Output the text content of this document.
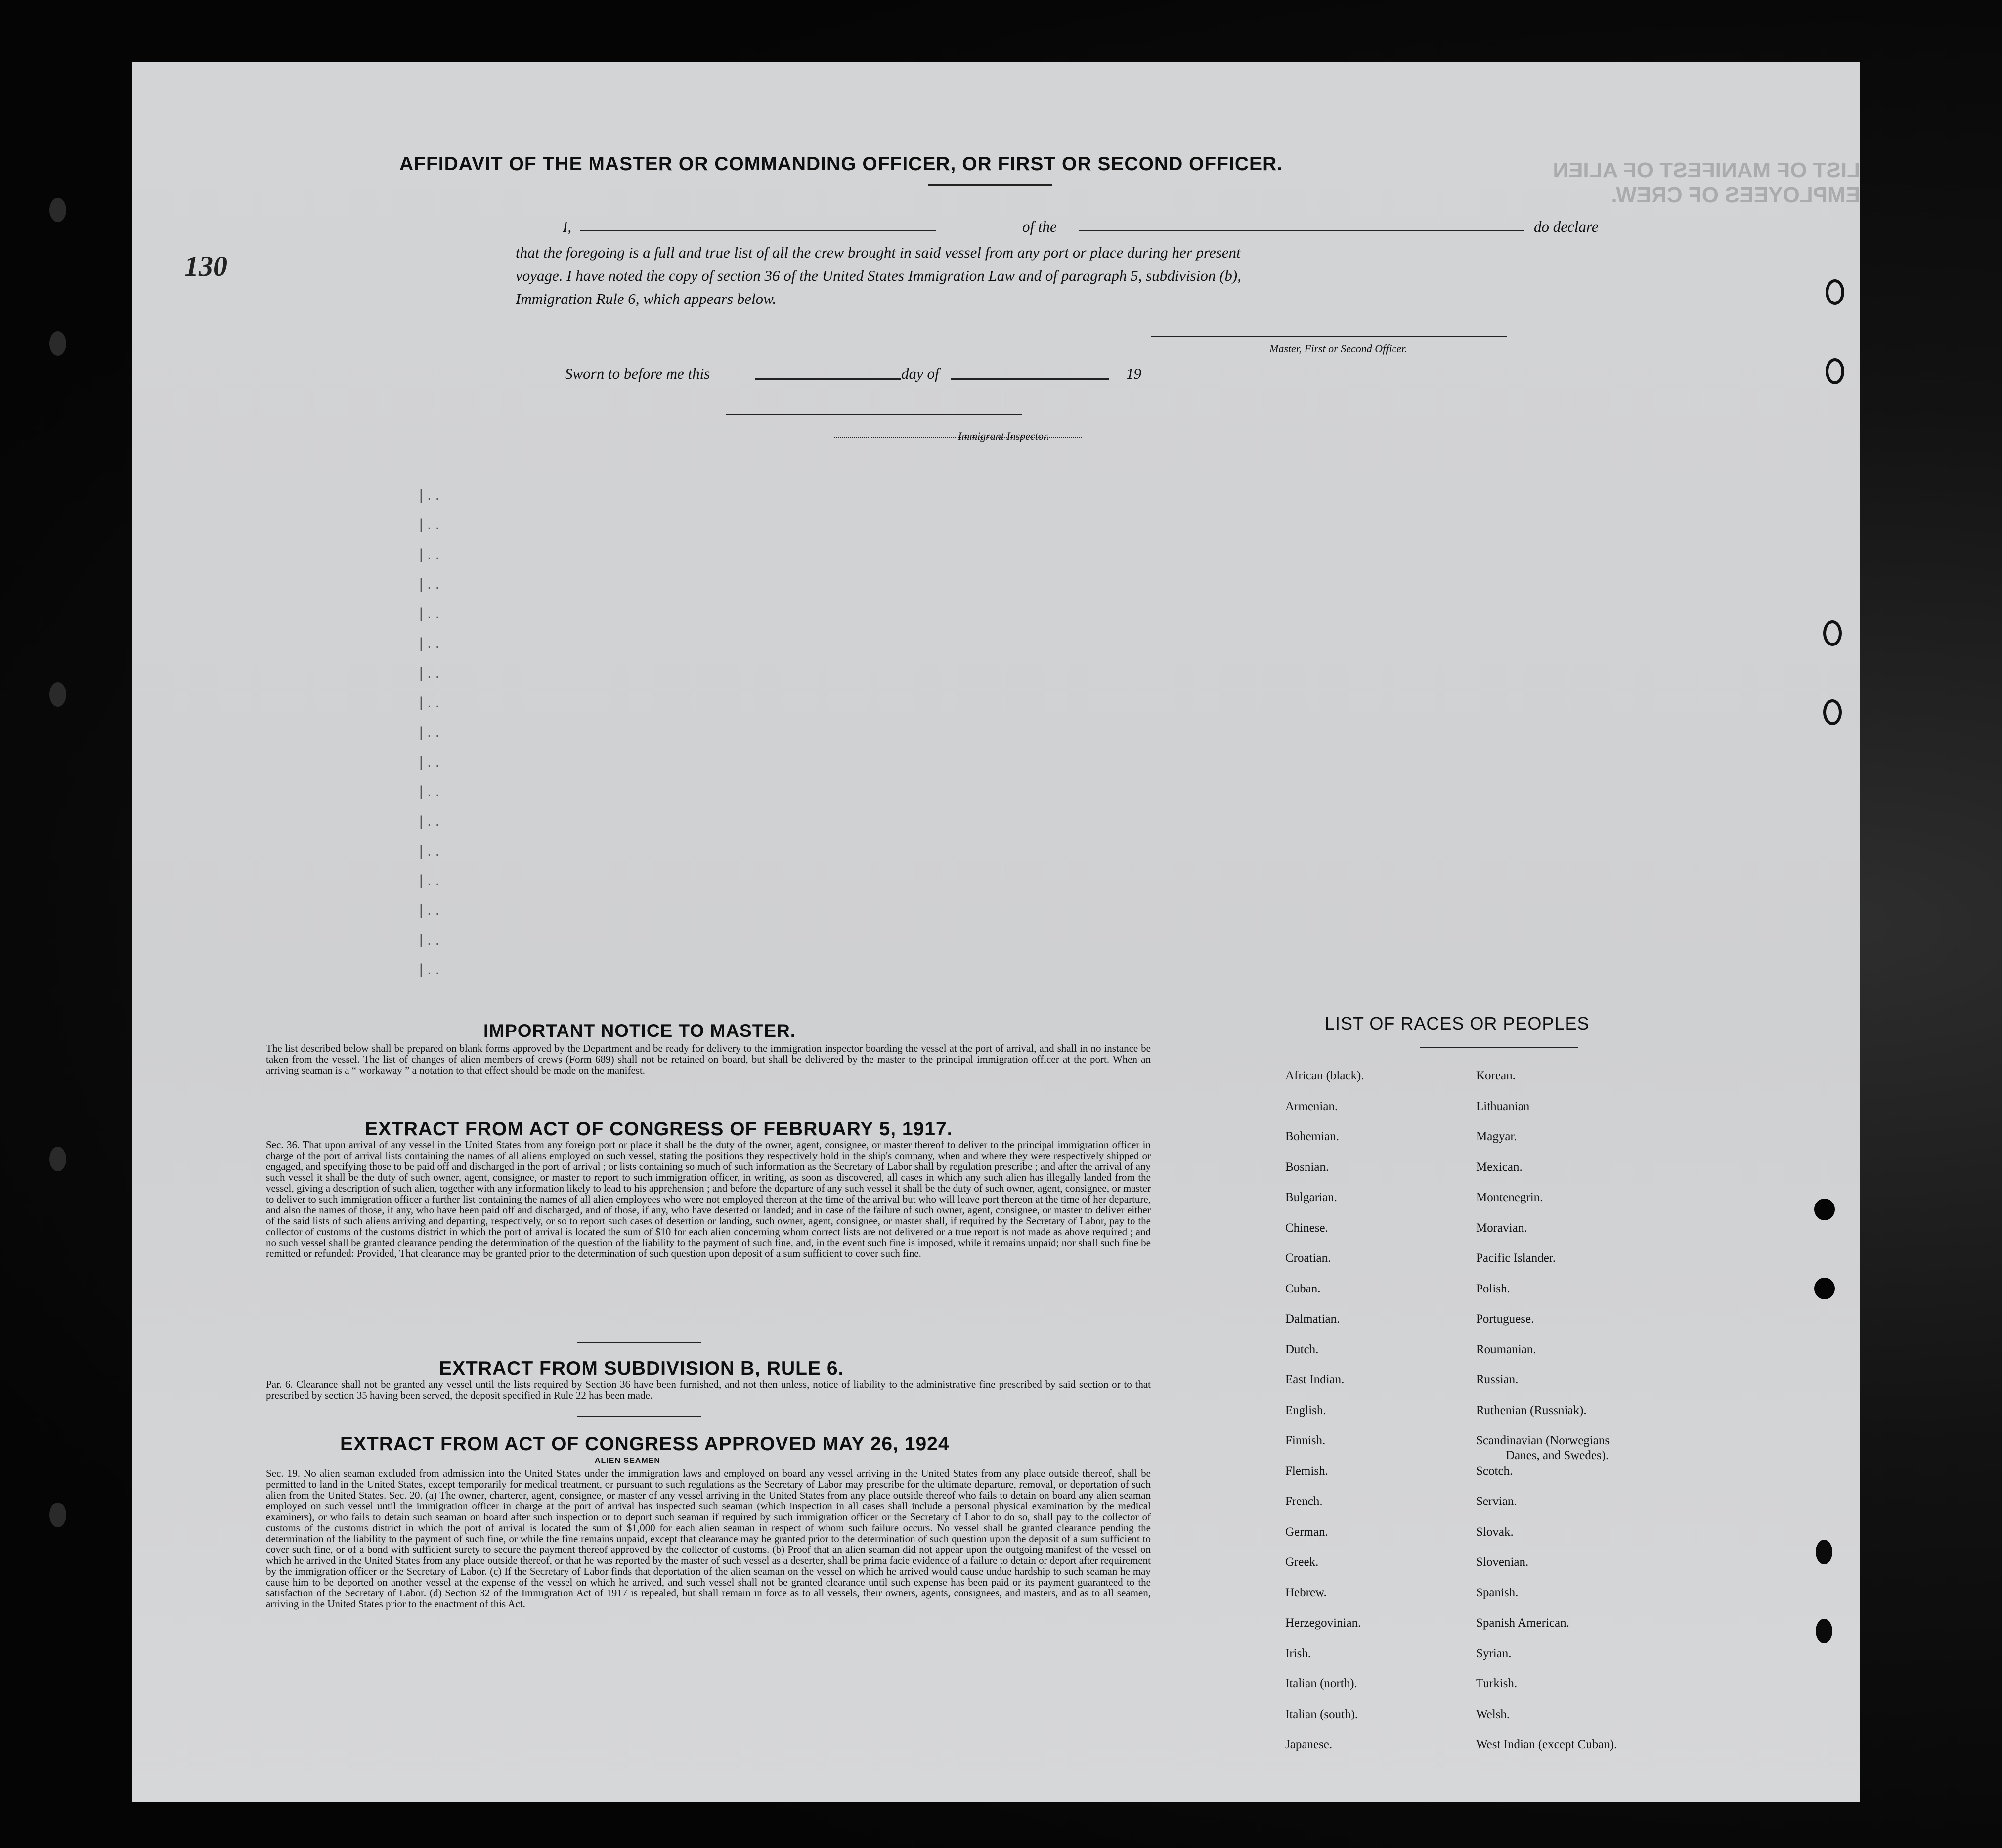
LIST OF MANIFEST OF ALIEN EMPLOYEES OF CREW.
130
AFFIDAVIT OF THE MASTER OR COMMANDING OFFICER, OR FIRST OR SECOND OFFICER.
I,	of the	do declare
that the foregoing is a full and true list of all the crew brought in said vessel from any port or place during her present
voyage. I have noted the copy of section 36 of the United States Immigration Law and of paragraph 5, subdivision (b),
Immigration Rule 6, which appears below.
Master, First or Second Officer.
Sworn to before me this	day of	19
Immigrant Inspector.
| . .
| . .
| . .
| . .
| . .
| . .
| . .
| . .
| . .
| . .
| . .
| . .
| . .
| . .
| . .
| . .
| . .
IMPORTANT NOTICE TO MASTER.

The list described below shall be prepared on blank forms approved by the Department and be ready for delivery to the immigration inspector boarding the vessel at the port of arrival, and shall in no instance be taken from the vessel. The list of changes of alien members of crews (Form 689) shall not be retained on board, but shall be delivered by the master to the principal immigration officer at the port. When an arriving seaman is a “ workaway ” a notation to that effect should be made on the manifest.

EXTRACT FROM ACT OF CONGRESS OF FEBRUARY 5, 1917.

Sec. 36. That upon arrival of any vessel in the United States from any foreign port or place it shall be the duty of the owner, agent, consignee, or master thereof to deliver to the principal immigration officer in charge of the port of arrival lists containing the names of all aliens employed on such vessel, stating the positions they respectively hold in the ship's company, when and where they were respectively shipped or engaged, and specifying those to be paid off and discharged in the port of arrival ; or lists containing so much of such information as the Secretary of Labor shall by regulation prescribe ; and after the arrival of any such vessel it shall be the duty of such owner, agent, consignee, or master to report to such immigration officer, in writing, as soon as discovered, all cases in which any such alien has illegally landed from the vessel, giving a description of such alien, together with any information likely to lead to his apprehension ; and before the departure of any such vessel it shall be the duty of such owner, agent, consignee, or master to deliver to such immigration officer a further list containing the names of all alien employees who were not employed thereon at the time of the arrival but who will leave port thereon at the time of her departure, and also the names of those, if any, who have been paid off and discharged, and of those, if any, who have deserted or landed; and in case of the failure of such owner, agent, consignee, or master to deliver either of the said lists of such aliens arriving and departing, respectively, or so to report such cases of desertion or landing, such owner, agent, consignee, or master shall, if required by the Secretary of Labor, pay to the collector of customs of the customs district in which the port of arrival is located the sum of $10 for each alien concerning whom correct lists are not delivered or a true report is not made as above required ; and no such vessel shall be granted clearance pending the determination of the question of the liability to the payment of such fine, and, in the event such fine is imposed, while it remains unpaid; nor shall such fine be remitted or refunded: Provided, That clearance may be granted prior to the determination of such question upon deposit of a sum sufficient to cover such fine.

EXTRACT FROM SUBDIVISION B, RULE 6.

Par. 6. Clearance shall not be granted any vessel until the lists required by Section 36 have been furnished, and not then unless, notice of liability to the administrative fine prescribed by said section or to that prescribed by section 35 having been served, the deposit specified in Rule 22 has been made.

EXTRACT FROM ACT OF CONGRESS APPROVED MAY 26, 1924
ALIEN SEAMEN

Sec. 19. No alien seaman excluded from admission into the United States under the immigration laws and employed on board any vessel arriving in the United States from any place outside thereof, shall be permitted to land in the United States, except temporarily for medical treatment, or pursuant to such regulations as the Secretary of Labor may prescribe for the ultimate departure, removal, or deportation of such alien from the United States. Sec. 20. (a) The owner, charterer, agent, consignee, or master of any vessel arriving in the United States from any place outside thereof who fails to detain on board any alien seaman employed on such vessel until the immigration officer in charge at the port of arrival has inspected such seaman (which inspection in all cases shall include a personal physical examination by the medical examiners), or who fails to detain such seaman on board after such inspection or to deport such seaman if required by such immigration officer or the Secretary of Labor to do so, shall pay to the collector of customs of the customs district in which the port of arrival is located the sum of $1,000 for each alien seaman in respect of whom such failure occurs. No vessel shall be granted clearance pending the determination of the liability to the payment of such fine, or while the fine remains unpaid, except that clearance may be granted prior to the determination of such question upon the deposit of a sum sufficient to cover such fine, or of a bond with sufficient surety to secure the payment thereof approved by the collector of customs. (b) Proof that an alien seaman did not appear upon the outgoing manifest of the vessel on which he arrived in the United States from any place outside thereof, or that he was reported by the master of such vessel as a deserter, shall be prima facie evidence of a failure to detain or deport after requirement by the immigration officer or the Secretary of Labor. (c) If the Secretary of Labor finds that deportation of the alien seaman on the vessel on which he arrived would cause undue hardship to such seaman he may cause him to be deported on another vessel at the expense of the vessel on which he arrived, and such vessel shall not be granted clearance until such expense has been paid or its payment guaranteed to the satisfaction of the Secretary of Labor. (d) Section 32 of the Immigration Act of 1917 is repealed, but shall remain in force as to all vessels, their owners, agents, consignees, and masters, and as to all seamen, arriving in the United States prior to the enactment of this Act.

LIST OF RACES OR PEOPLES
African (black).
Armenian.
Bohemian.
Bosnian.
Bulgarian.
Chinese.
Croatian.
Cuban.
Dalmatian.
Dutch.
East Indian.
English.
Finnish.
Flemish.
French.
German.
Greek.
Hebrew.
Herzegovinian.
Irish.
Italian (north).
Italian (south).
Japanese.
Korean.
Lithuanian
Magyar.
Mexican.
Montenegrin.
Moravian.
Pacific Islander.
Polish.
Portuguese.
Roumanian.
Russian.
Ruthenian (Russniak).
Scandinavian (Norwegians
Danes, and Swedes).
Scotch.
Servian.
Slovak.
Slovenian.
Spanish.
Spanish American.
Syrian.
Turkish.
Welsh.
West Indian (except Cuban).
